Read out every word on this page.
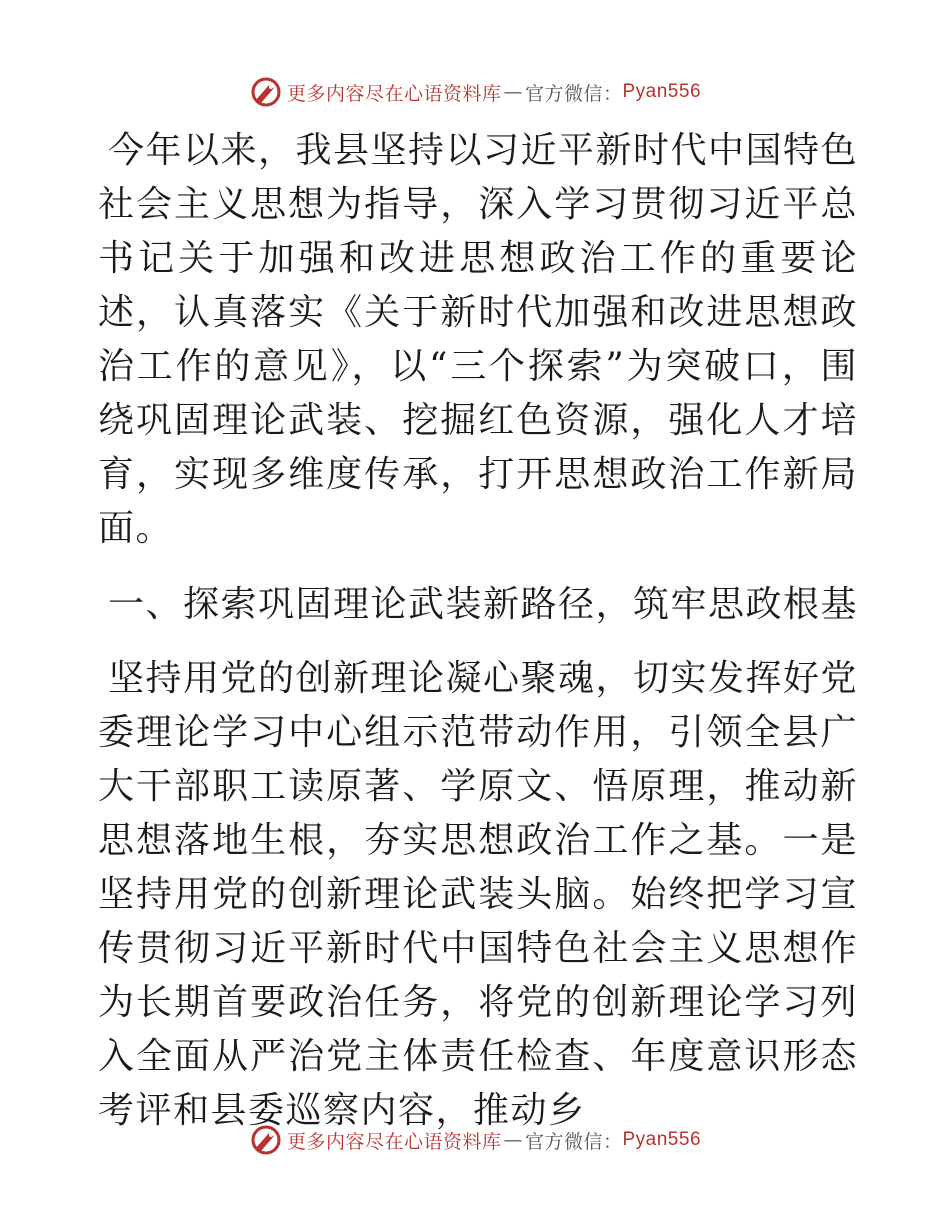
更多内容尽在心语资料库 — 官方微信： Pyan556

今年以来，我县坚持以习近平新时代中国特色社会主义思想为指导，深入学习贯彻习近平总书记关于加强和改进思想政治工作的重要论述，认真落实《关于新时代加强和改进思想政治工作的意见》，以“三个探索”为突破口，围绕巩固理论武装、挖掘红色资源，强化人才培育，实现多维度传承，打开思想政治工作新局面。

一、探索巩固理论武装新路径，筑牢思政根基

坚持用党的创新理论凝心聚魂，切实发挥好党委理论学习中心组示范带动作用，引领全县广大干部职工读原著、学原文、悟原理，推动新思想落地生根，夯实思想政治工作之基。一是坚持用党的创新理论武装头脑。始终把学习宣传贯彻习近平新时代中国特色社会主义思想作为长期首要政治任务，将党的创新理论学习列入全面从严治党主体责任检查、年度意识形态考评和县委巡察内容，推动乡

更多内容尽在心语资料库 — 官方微信： Pyan556
